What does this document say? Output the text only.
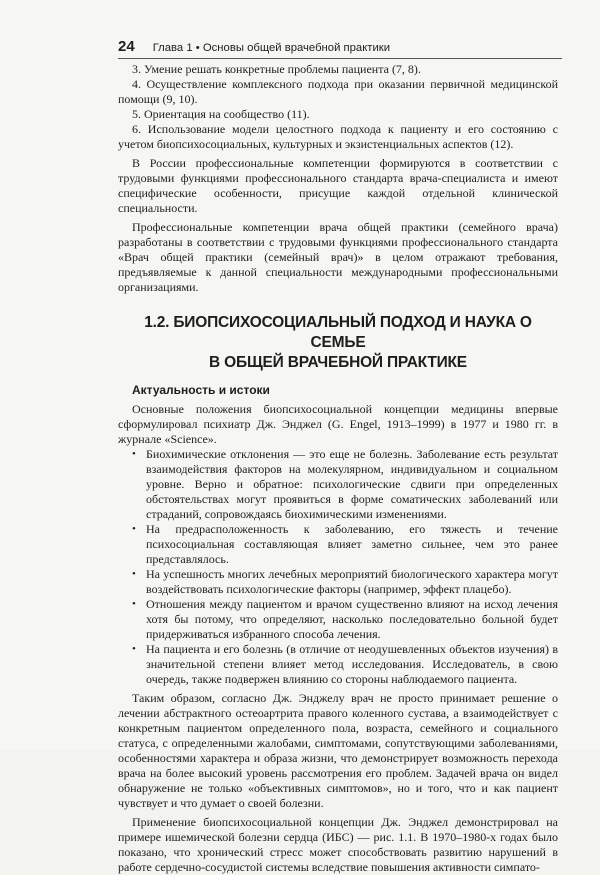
24 Глава 1 • Основы общей врачебной практики

3. Умение решать конкретные проблемы пациента (7, 8).

4. Осуществление комплексного подхода при оказании первичной медицинской помощи (9, 10).

5. Ориентация на сообщество (11).

6. Использование модели целостного подхода к пациенту и его состоянию с учетом биопсихосоциальных, культурных и экзистенциальных аспектов (12).

В России профессиональные компетенции формируются в соответствии с трудовыми функциями профессионального стандарта врача-специалиста и имеют специфические особенности, присущие каждой отдельной клинической специальности.

Профессиональные компетенции врача общей практики (семейного врача) разработаны в соответствии с трудовыми функциями профессионального стандарта «Врач общей практики (семейный врач)» в целом отражают требования, предъявляемые к данной специальности международными профессиональными организациями.

1.2. БИОПСИХОСОЦИАЛЬНЫЙ ПОДХОД И НАУКА О СЕМЬЕ
В ОБЩЕЙ ВРАЧЕБНОЙ ПРАКТИКЕ
Актуальность и истоки

Основные положения биопсихосоциальной концепции медицины впервые сформулировал психиатр Дж. Энджел (G. Engel, 1913–1999) в 1977 и 1980 гг. в журнале «Science».

• Биохимические отклонения — это еще не болезнь. Заболевание есть результат взаимодействия факторов на молекулярном, индивидуальном и социальном уровне. Верно и обратное: психологические сдвиги при определенных обстоятельствах могут проявиться в форме соматических заболеваний или страданий, сопровождаясь биохимическими изменениями.
• На предрасположенность к заболеванию, его тяжесть и течение психосоциальная составляющая влияет заметно сильнее, чем это ранее представлялось.
• На успешность многих лечебных мероприятий биологического характера могут воздействовать психологические факторы (например, эффект плацебо).
• Отношения между пациентом и врачом существенно влияют на исход лечения хотя бы потому, что определяют, насколько последовательно больной будет придерживаться избранного способа лечения.
• На пациента и его болезнь (в отличие от неодушевленных объектов изучения) в значительной степени влияет метод исследования. Исследователь, в свою очередь, также подвержен влиянию со стороны наблюдаемого пациента.

Таким образом, согласно Дж. Энджелу врач не просто принимает решение о лечении абстрактного остеоартрита правого коленного сустава, а взаимодействует с конкретным пациентом определенного пола, возраста, семейного и социального статуса, с определенными жалобами, симптомами, сопутствующими заболеваниями, особенностями характера и образа жизни, что демонстрирует возможность перехода врача на более высокий уровень рассмотрения его проблем. Задачей врача он видел обнаружение не только «объективных симптомов», но и того, что и как пациент чувствует и что думает о своей болезни.

Применение биопсихосоциальной концепции Дж. Энджел демонстрировал на примере ишемической болезни сердца (ИБС) — рис. 1.1. В 1970–1980-х годах было показано, что хронический стресс может способствовать развитию нарушений в работе сердечно-сосудистой системы вследствие повышения активности симпато-
